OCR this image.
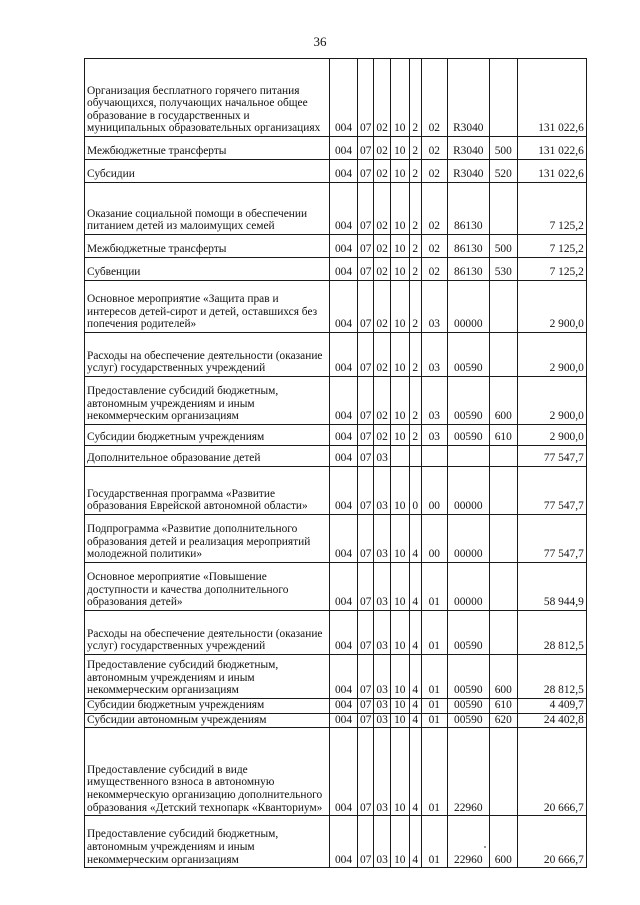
36
Организация бесплатного горячего питания обучающихся, получающих начальное общее образование в государственных и муниципальных образовательных организациях	004	07	02	10	2	02	R3040		131 022,6
Межбюджетные трансферты	004	07	02	10	2	02	R3040	500	131 022,6
Субсидии	004	07	02	10	2	02	R3040	520	131 022,6
Оказание социальной помощи в обеспечении питанием детей из малоимущих семей	004	07	02	10	2	02	86130		7 125,2
Межбюджетные трансферты	004	07	02	10	2	02	86130	500	7 125,2
Субвенции	004	07	02	10	2	02	86130	530	7 125,2
Основное мероприятие «Защита прав и интересов детей-сирот и детей, оставшихся без попечения родителей»	004	07	02	10	2	03	00000		2 900,0
Расходы на обеспечение деятельности (оказание услуг) государственных учреждений	004	07	02	10	2	03	00590		2 900,0
Предоставление субсидий бюджетным, автономным учреждениям и иным некоммерческим организациям	004	07	02	10	2	03	00590	600	2 900,0
Субсидии бюджетным учреждениям	004	07	02	10	2	03	00590	610	2 900,0
Дополнительное образование детей	004	07	03						77 547,7
Государственная программа «Развитие образования Еврейской автономной области»	004	07	03	10	0	00	00000		77 547,7
Подпрограмма «Развитие дополнительного образования детей и реализация мероприятий молодежной политики»	004	07	03	10	4	00	00000		77 547,7
Основное мероприятие «Повышение доступности и качества дополнительного образования детей»	004	07	03	10	4	01	00000		58 944,9
Расходы на обеспечение деятельности (оказание услуг) государственных учреждений	004	07	03	10	4	01	00590		28 812,5
Предоставление субсидий бюджетным, автономным учреждениям и иным некоммерческим организациям	004	07	03	10	4	01	00590	600	28 812,5
Субсидии бюджетным учреждениям	004	07	03	10	4	01	00590	610	4 409,7
Субсидии автономным учреждениям	004	07	03	10	4	01	00590	620	24 402,8
Предоставление субсидий в виде имущественного взноса в автономную некоммерческую организацию дополнительного образования «Детский технопарк «Кванториум»	004	07	03	10	4	01	22960		20 666,7
Предоставление субсидий бюджетным, автономным учреждениям и иным некоммерческим организациям	004	07	03	10	4	01	22960	600	20 666,7
